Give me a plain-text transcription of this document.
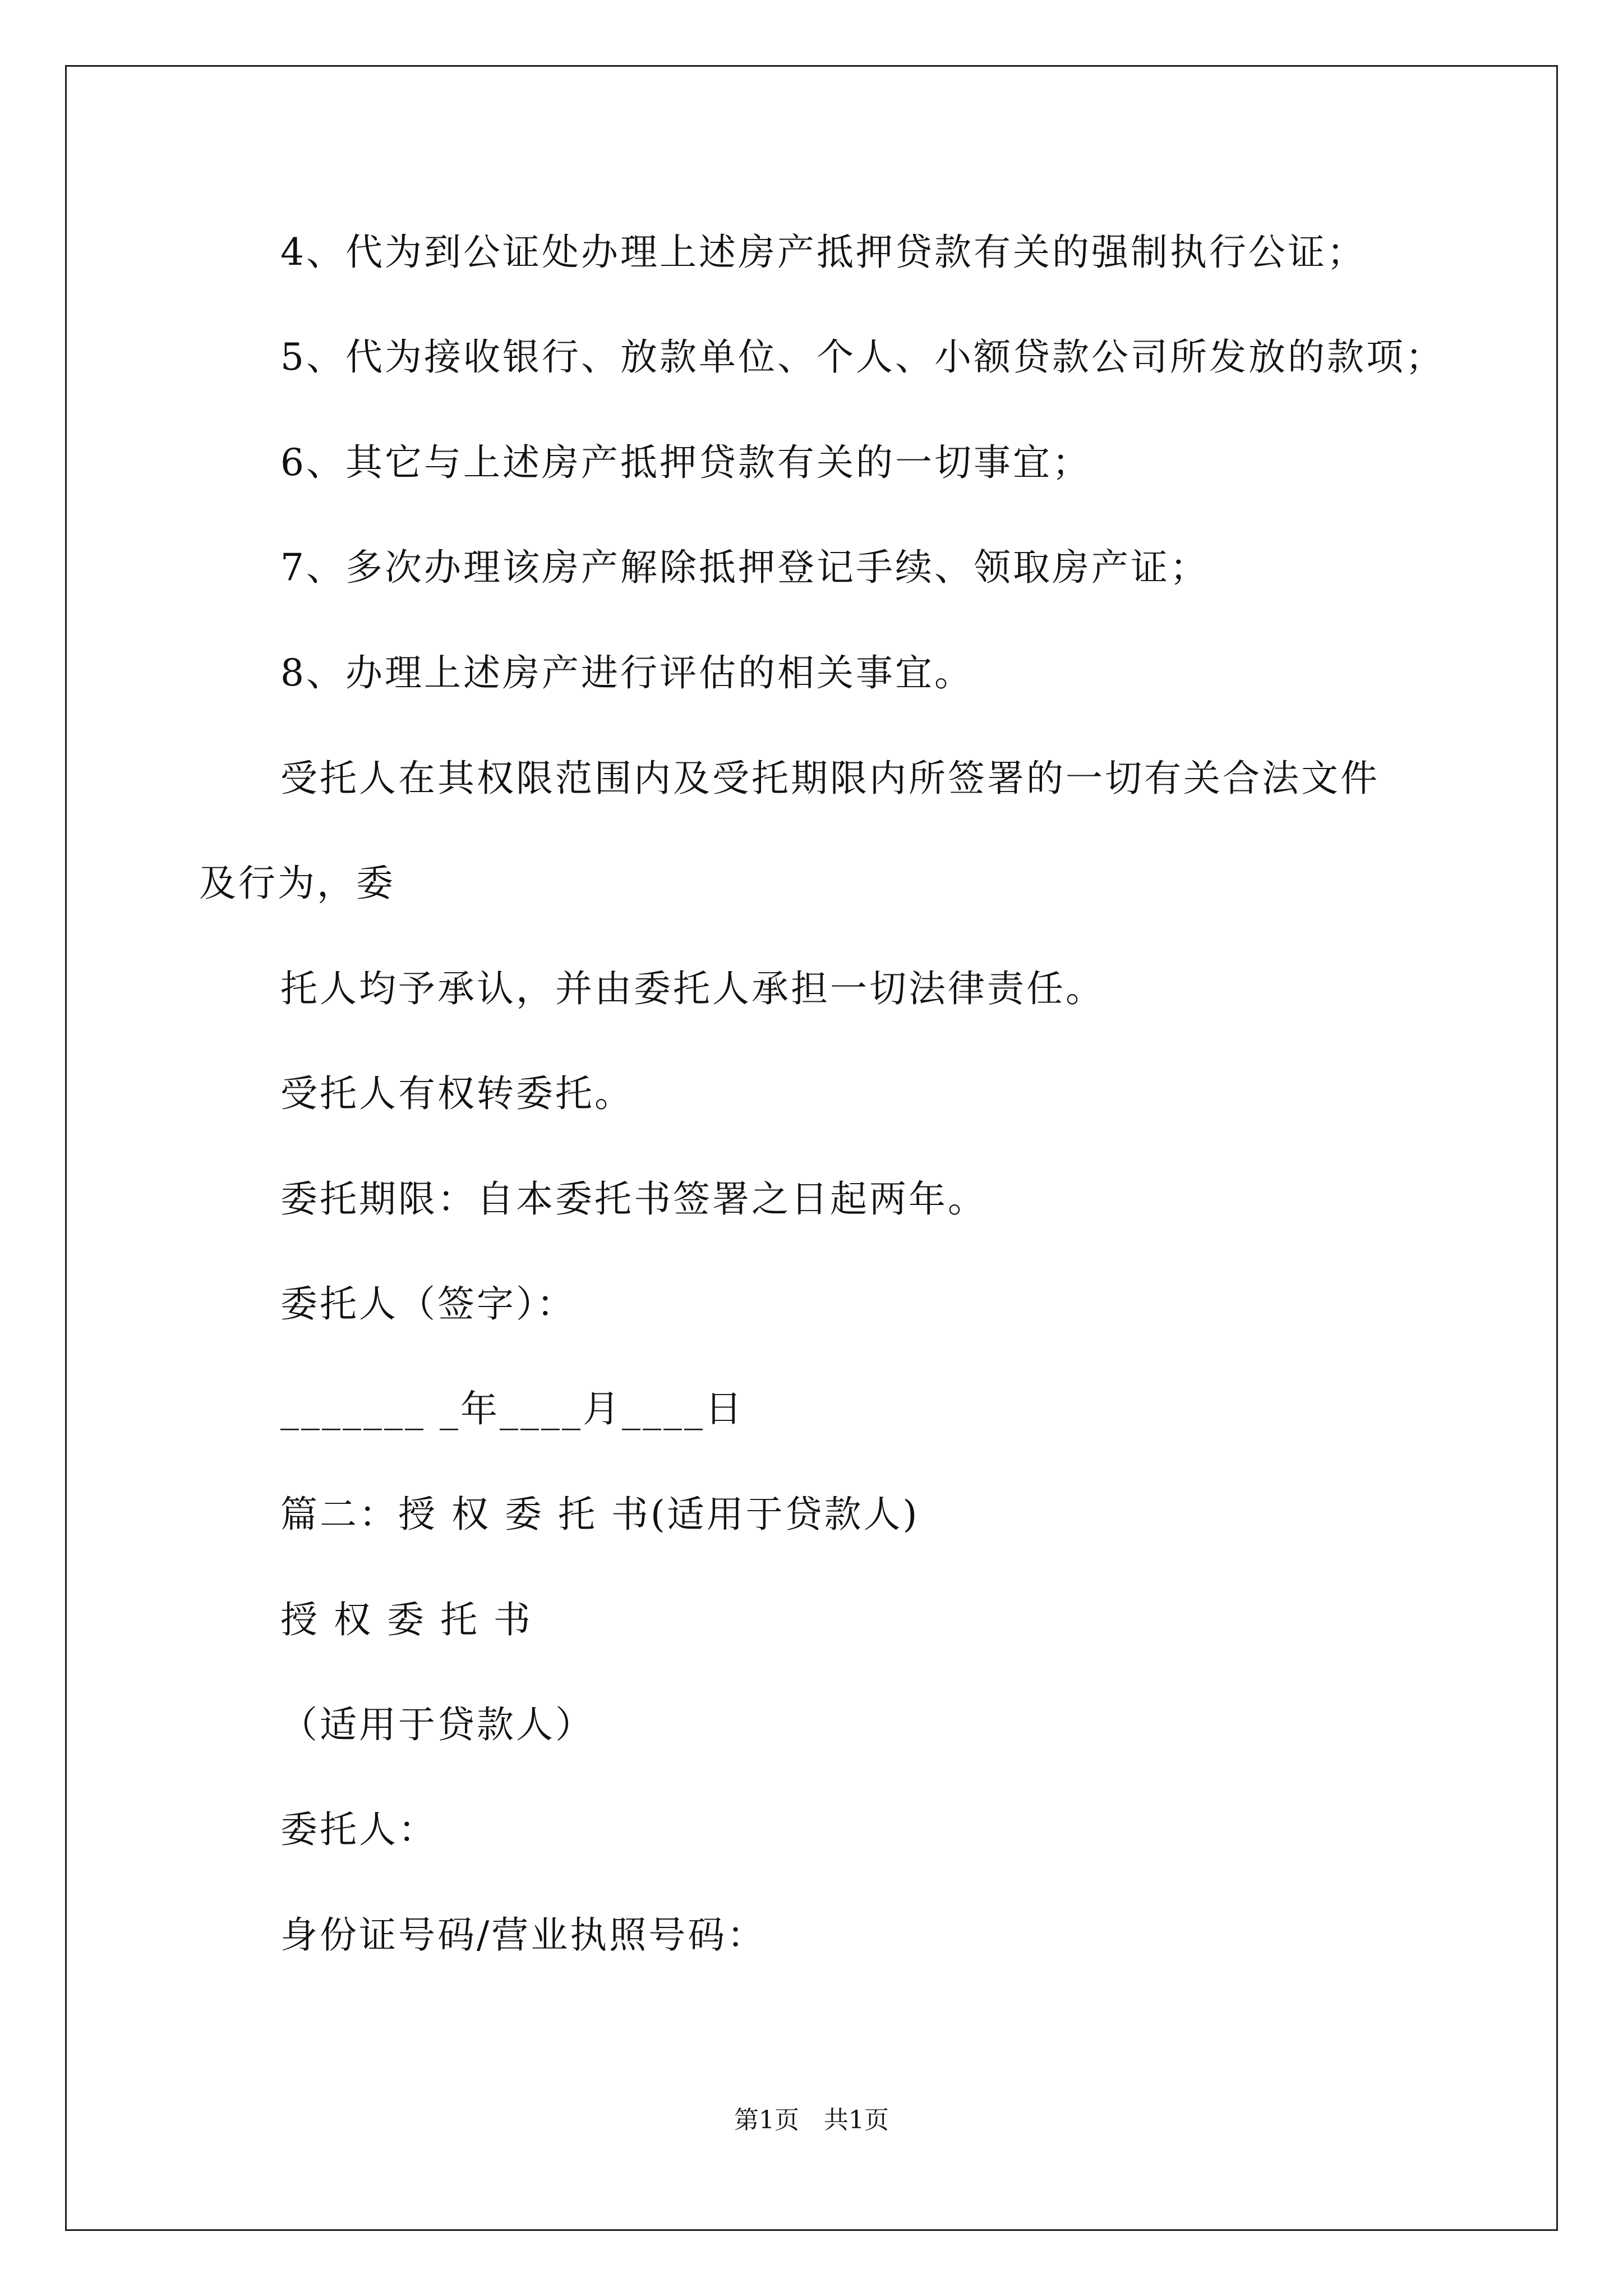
4、代为到公证处办理上述房产抵押贷款有关的强制执行公证；
5、代为接收银行、放款单位、个人、小额贷款公司所发放的款项；
6、其它与上述房产抵押贷款有关的一切事宜；
7、多次办理该房产解除抵押登记手续、领取房产证；
8、办理上述房产进行评估的相关事宜。
受托人在其权限范围内及受托期限内所签署的一切有关合法文件
及行为，委
托人均予承认，并由委托人承担一切法律责任。
受托人有权转委托。
委托期限：自本委托书签署之日起两年。
委托人（签字）：
_______ _年____月____日
篇二：授 权 委 托 书(适用于贷款人)
授 权 委 托 书
（适用于贷款人）
委托人：
身份证号码/营业执照号码：
第1页　共1页
